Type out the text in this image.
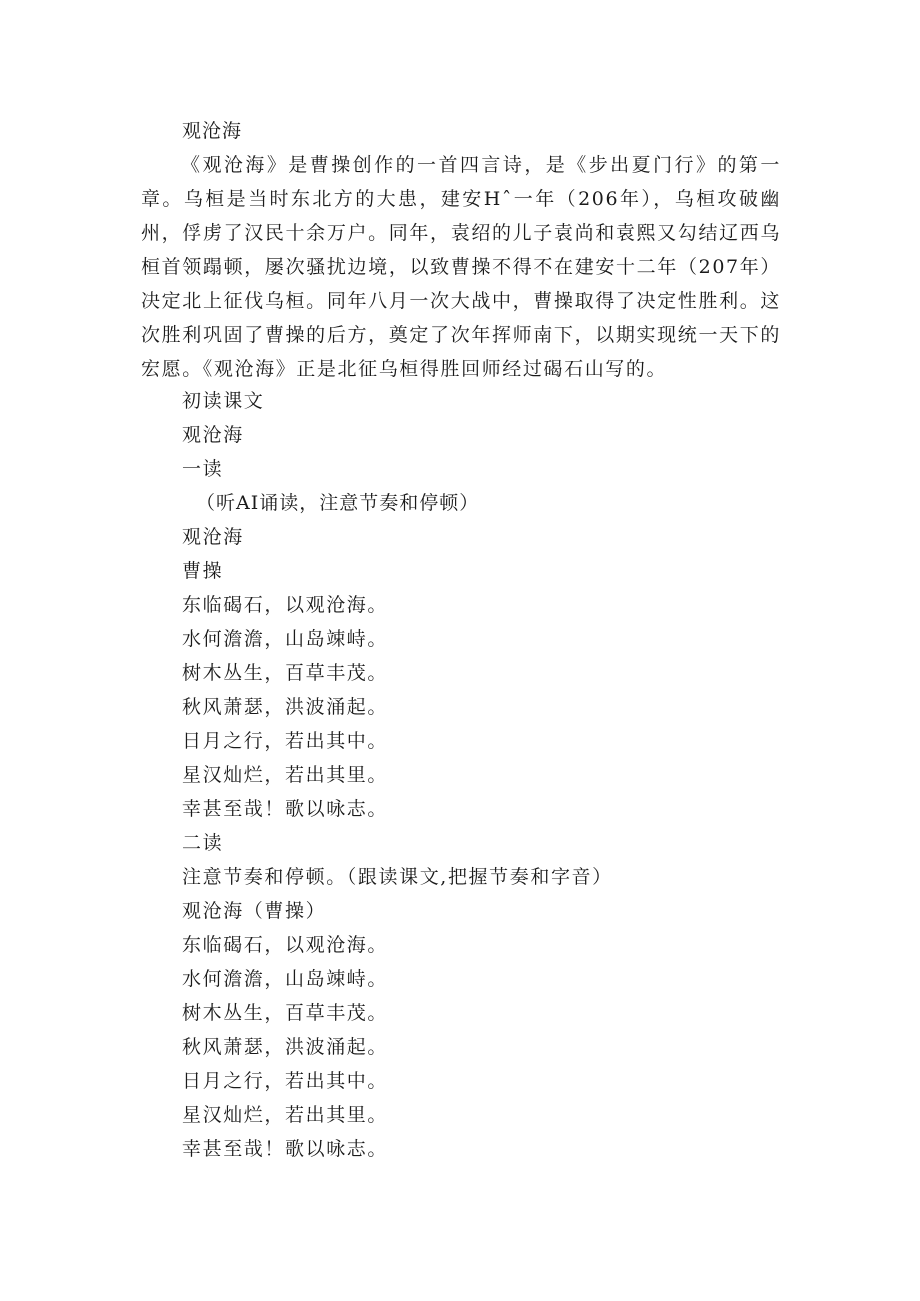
观沧海
《观沧海》是曹操创作的一首四言诗，是《步出夏门行》的第一章。乌桓是当时东北方的大患，建安Hˆ一年（206年），乌桓攻破幽州，俘虏了汉民十余万户。同年，袁绍的儿子袁尚和袁熙又勾结辽西乌桓首领蹋顿，屡次骚扰边境，以致曹操不得不在建安十二年（207年）决定北上征伐乌桓。同年八月一次大战中，曹操取得了决定性胜利。这次胜利巩固了曹操的后方，奠定了次年挥师南下，以期实现统一天下的宏愿。《观沧海》正是北征乌桓得胜回师经过碣石山写的。
初读课文
观沧海
一读
（听AI诵读，注意节奏和停顿）
观沧海
曹操
东临碣石，以观沧海。
水何澹澹，山岛竦峙。
树木丛生，百草丰茂。
秋风萧瑟，洪波涌起。
日月之行，若出其中。
星汉灿烂，若出其里。
幸甚至哉！歌以咏志。
二读
注意节奏和停顿。（跟读课文,把握节奏和字音）
观沧海（曹操）
东临碣石，以观沧海。
水何澹澹，山岛竦峙。
树木丛生，百草丰茂。
秋风萧瑟，洪波涌起。
日月之行，若出其中。
星汉灿烂，若出其里。
幸甚至哉！歌以咏志。
